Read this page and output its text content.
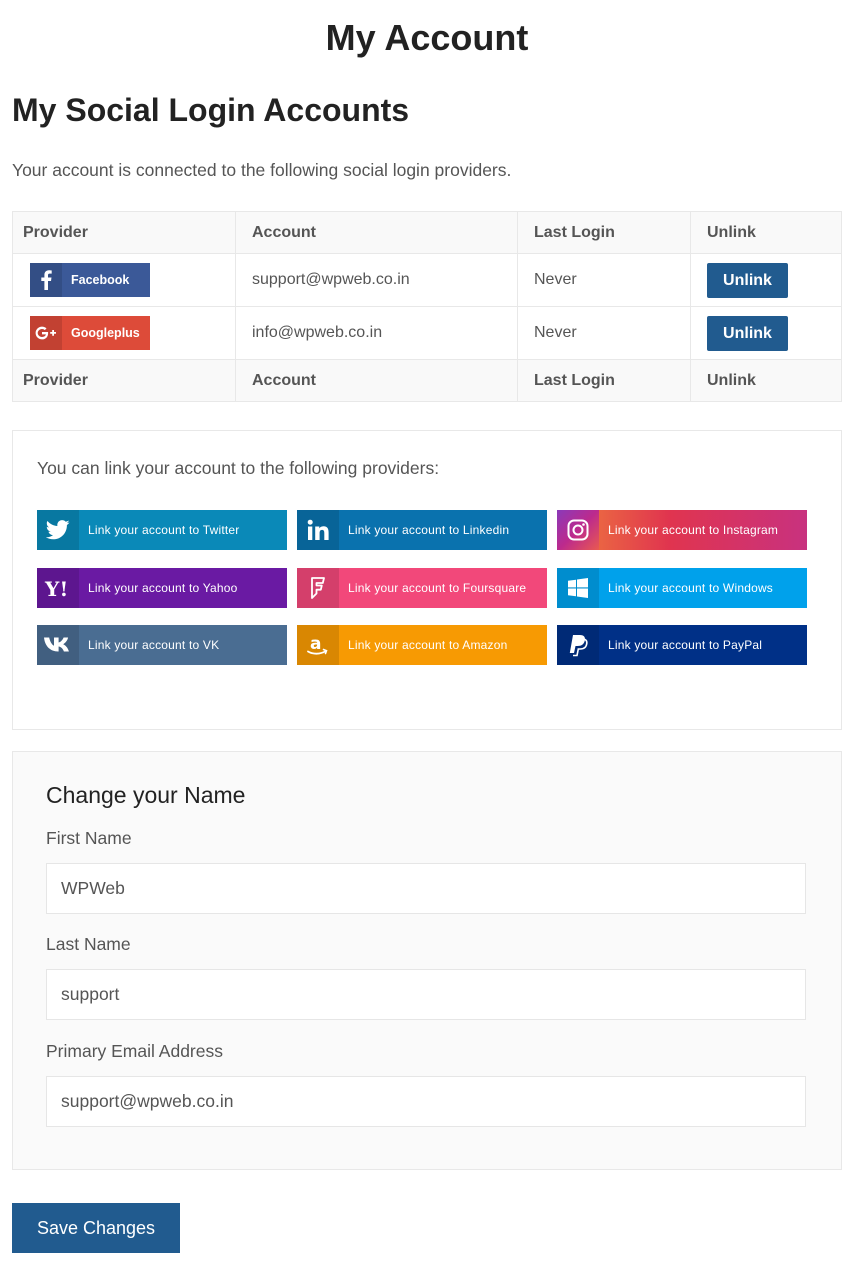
My Account
My Social Login Accounts
Your account is connected to the following social login providers.
Provider	Account	Last Login	Unlink

Facebook	support@wpweb.co.in	Never	Unlink

Googleplus	info@wpweb.co.in	Never	Unlink
Provider	Account	Last Login	Unlink
You can link your account to the following providers:
Link your account to Twitter	Link your account to Linkedin	Link your account to Instagram
Y!	Link your account to Yahoo	Link your account to Foursquare	Link your account to Windows
Link your account to VK	a	Link your account to Amazon	Link your account to PayPal
Change your Name
First Name
WPWeb
Last Name
support
Primary Email Address
support@wpweb.co.in
Save Changes
